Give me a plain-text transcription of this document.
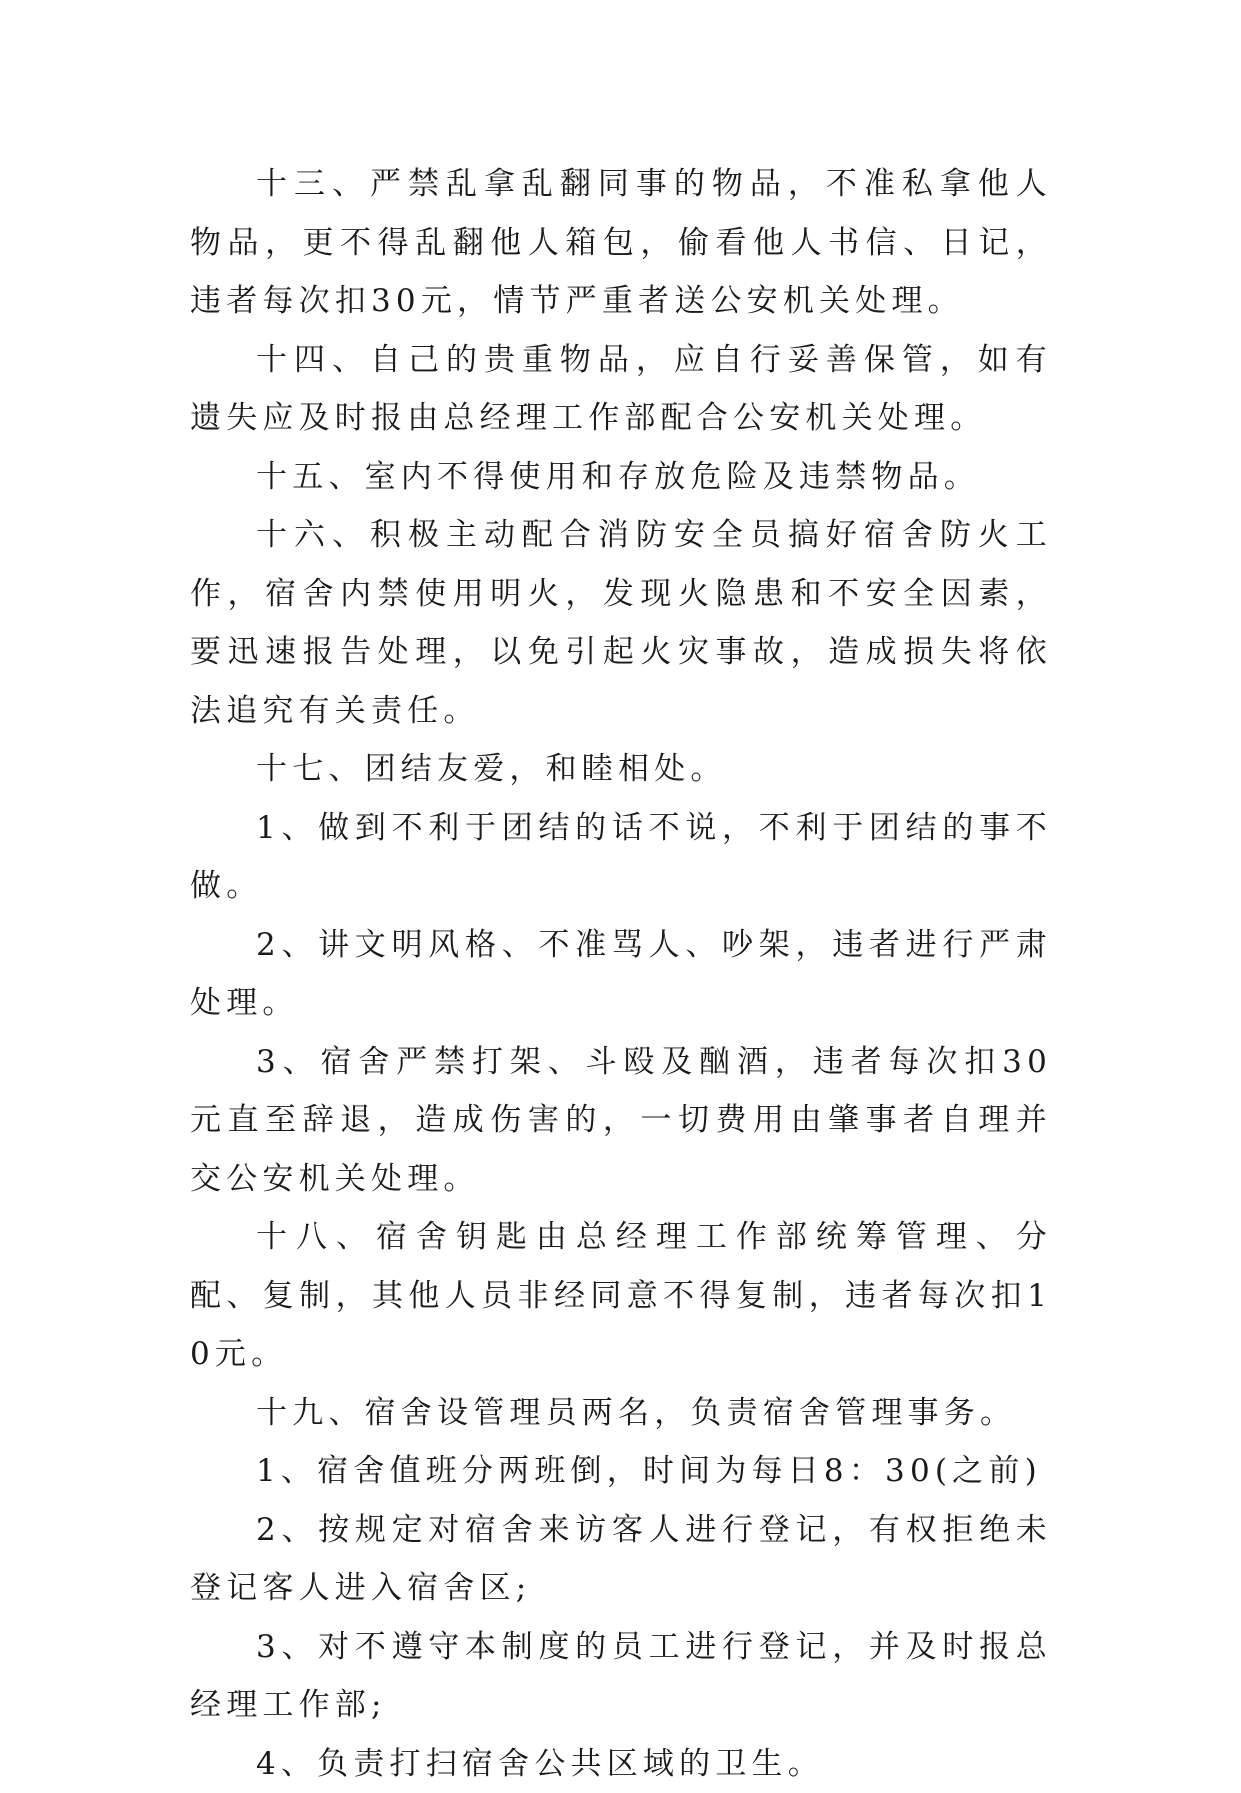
十三、严禁乱拿乱翻同事的物品，不准私拿他人物品，更不得乱翻他人箱包，偷看他人书信、日记，违者每次扣30元，情节严重者送公安机关处理。

十四、自己的贵重物品，应自行妥善保管，如有遗失应及时报由总经理工作部配合公安机关处理。

十五、室内不得使用和存放危险及违禁物品。

十六、积极主动配合消防安全员搞好宿舍防火工作，宿舍内禁使用明火，发现火隐患和不安全因素，要迅速报告处理，以免引起火灾事故，造成损失将依法追究有关责任。

十七、团结友爱，和睦相处。

1、做到不利于团结的话不说，不利于团结的事不做。

2、讲文明风格、不准骂人、吵架，违者进行严肃处理。

3、宿舍严禁打架、斗殴及酗酒，违者每次扣30元直至辞退，造成伤害的，一切费用由肇事者自理并交公安机关处理。

十八、宿舍钥匙由总经理工作部统筹管理、分配、复制，其他人员非经同意不得复制，违者每次扣10元。

十九、宿舍设管理员两名，负责宿舍管理事务。

1、宿舍值班分两班倒，时间为每日8：30(之前)

2、按规定对宿舍来访客人进行登记，有权拒绝未登记客人进入宿舍区;

3、对不遵守本制度的员工进行登记，并及时报总经理工作部;

4、负责打扫宿舍公共区域的卫生。
